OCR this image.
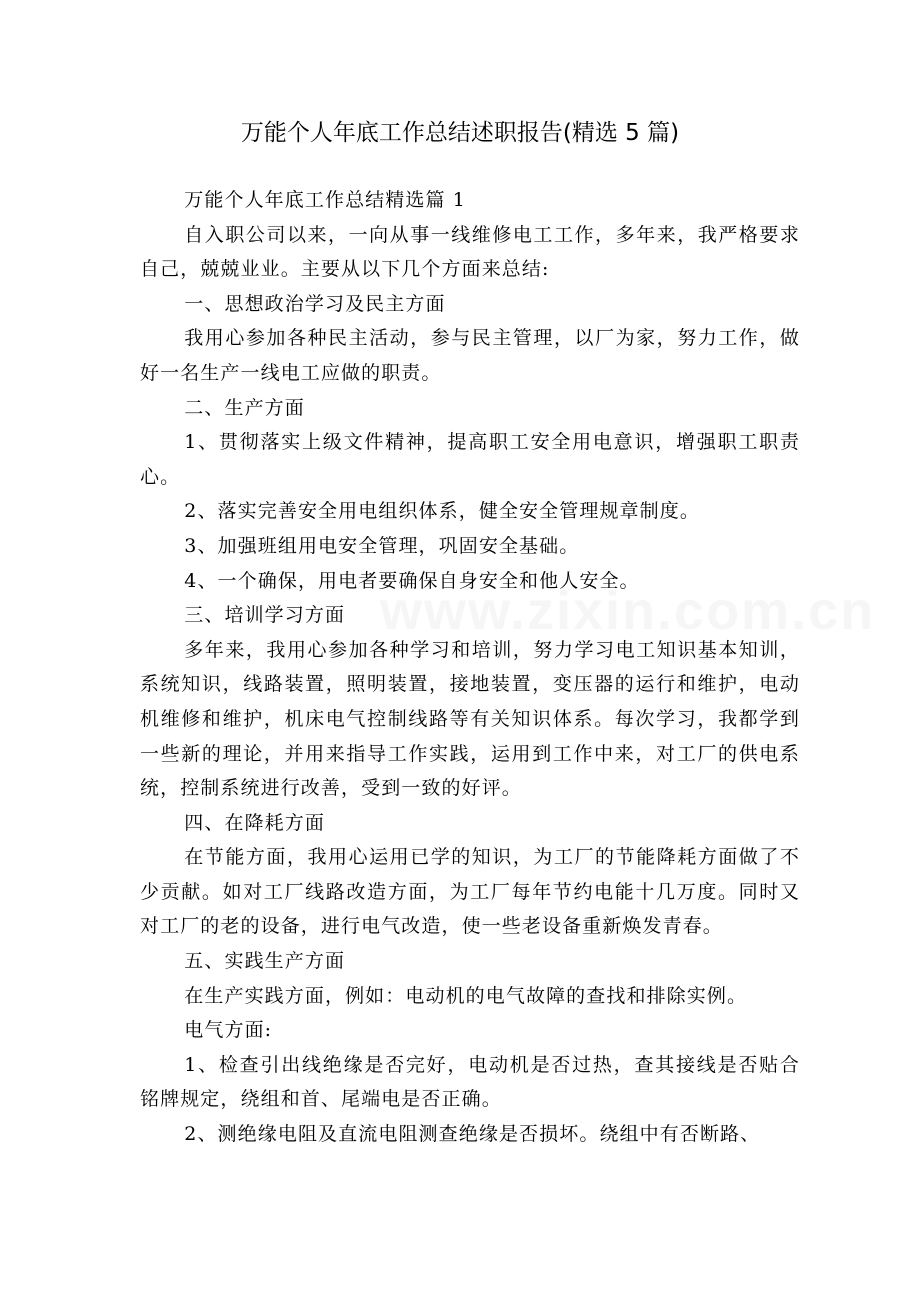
万能个人年底工作总结述职报告(精选 5 篇)

万能个人年底工作总结精选篇 1

自入职公司以来，一向从事一线维修电工工作，多年来，我严格要求自己，兢兢业业。主要从以下几个方面来总结:

一、思想政治学习及民主方面

我用心参加各种民主活动，参与民主管理，以厂为家，努力工作，做好一名生产一线电工应做的职责。

二、生产方面

1、贯彻落实上级文件精神，提高职工安全用电意识，增强职工职责心。

2、落实完善安全用电组织体系，健全安全管理规章制度。

3、加强班组用电安全管理，巩固安全基础。

4、一个确保，用电者要确保自身安全和他人安全。

三、培训学习方面

多年来，我用心参加各种学习和培训，努力学习电工知识基本知训，系统知识，线路装置，照明装置，接地装置，变压器的运行和维护，电动机维修和维护，机床电气控制线路等有关知识体系。每次学习，我都学到一些新的理论，并用来指导工作实践，运用到工作中来，对工厂的供电系统，控制系统进行改善，受到一致的好评。

四、在降耗方面

在节能方面，我用心运用已学的知识，为工厂的节能降耗方面做了不少贡献。如对工厂线路改造方面，为工厂每年节约电能十几万度。同时又对工厂的老的设备，进行电气改造，使一些老设备重新焕发青春。

五、实践生产方面

在生产实践方面，例如：电动机的电气故障的查找和排除实例。

电气方面:

1、检查引出线绝缘是否完好，电动机是否过热，查其接线是否贴合铭牌规定，绕组和首、尾端电是否正确。

2、测绝缘电阻及直流电阻测查绝缘是否损坏。绕组中有否断路、

www.zixin.com.cn
